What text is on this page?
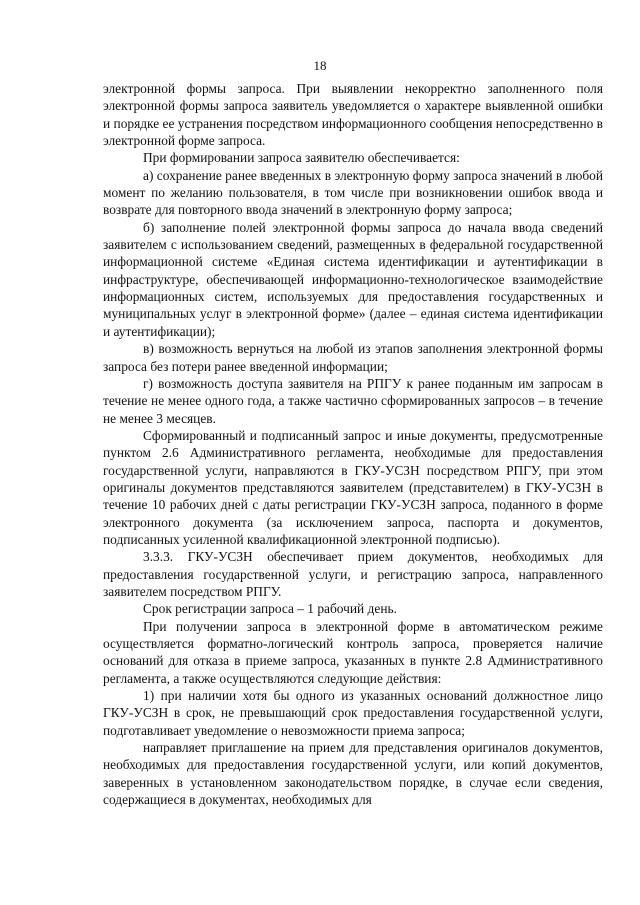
18

электронной формы запроса. При выявлении некорректно заполненного поля электронной формы запроса заявитель уведомляется о характере выявленной ошибки и порядке ее устранения посредством информационного сообщения непосредственно в электронной форме запроса.

При формировании запроса заявителю обеспечивается:

а) сохранение ранее введенных в электронную форму запроса значений в любой момент по желанию пользователя, в том числе при возникновении ошибок ввода и возврате для повторного ввода значений в электронную форму запроса;

б) заполнение полей электронной формы запроса до начала ввода сведений заявителем с использованием сведений, размещенных в федеральной государственной информационной системе «Единая система идентификации и аутентификации в инфраструктуре, обеспечивающей информационно-технологическое взаимодействие информационных систем, используемых для предоставления государственных и муниципальных услуг в электронной форме» (далее – единая система идентификации и аутентификации);

в) возможность вернуться на любой из этапов заполнения электронной формы запроса без потери ранее введенной информации;

г) возможность доступа заявителя на РПГУ к ранее поданным им запросам в течение не менее одного года, а также частично сформированных запросов – в течение не менее 3 месяцев.

Сформированный и подписанный запрос и иные документы, предусмотренные пунктом 2.6 Административного регламента, необходимые для предоставления государственной услуги, направляются в ГКУ-УСЗН посредством РПГУ, при этом оригиналы документов представляются заявителем (представителем) в ГКУ-УСЗН в течение 10 рабочих дней с даты регистрации ГКУ-УСЗН запроса, поданного в форме электронного документа (за исключением запроса, паспорта и документов, подписанных усиленной квалификационной электронной подписью).

3.3.3. ГКУ-УСЗН обеспечивает прием документов, необходимых для предоставления государственной услуги, и регистрацию запроса, направленного заявителем посредством РПГУ.

Срок регистрации запроса – 1 рабочий день.

При получении запроса в электронной форме в автоматическом режиме осуществляется форматно-логический контроль запроса, проверяется наличие оснований для отказа в приеме запроса, указанных в пункте 2.8 Административного регламента, а также осуществляются следующие действия:

1) при наличии хотя бы одного из указанных оснований должностное лицо ГКУ-УСЗН в срок, не превышающий срок предоставления государственной услуги, подготавливает уведомление о невозможности приема запроса;

направляет приглашение на прием для представления оригиналов документов, необходимых для предоставления государственной услуги, или копий документов, заверенных в установленном законодательством порядке, в случае если сведения, содержащиеся в документах, необходимых для
